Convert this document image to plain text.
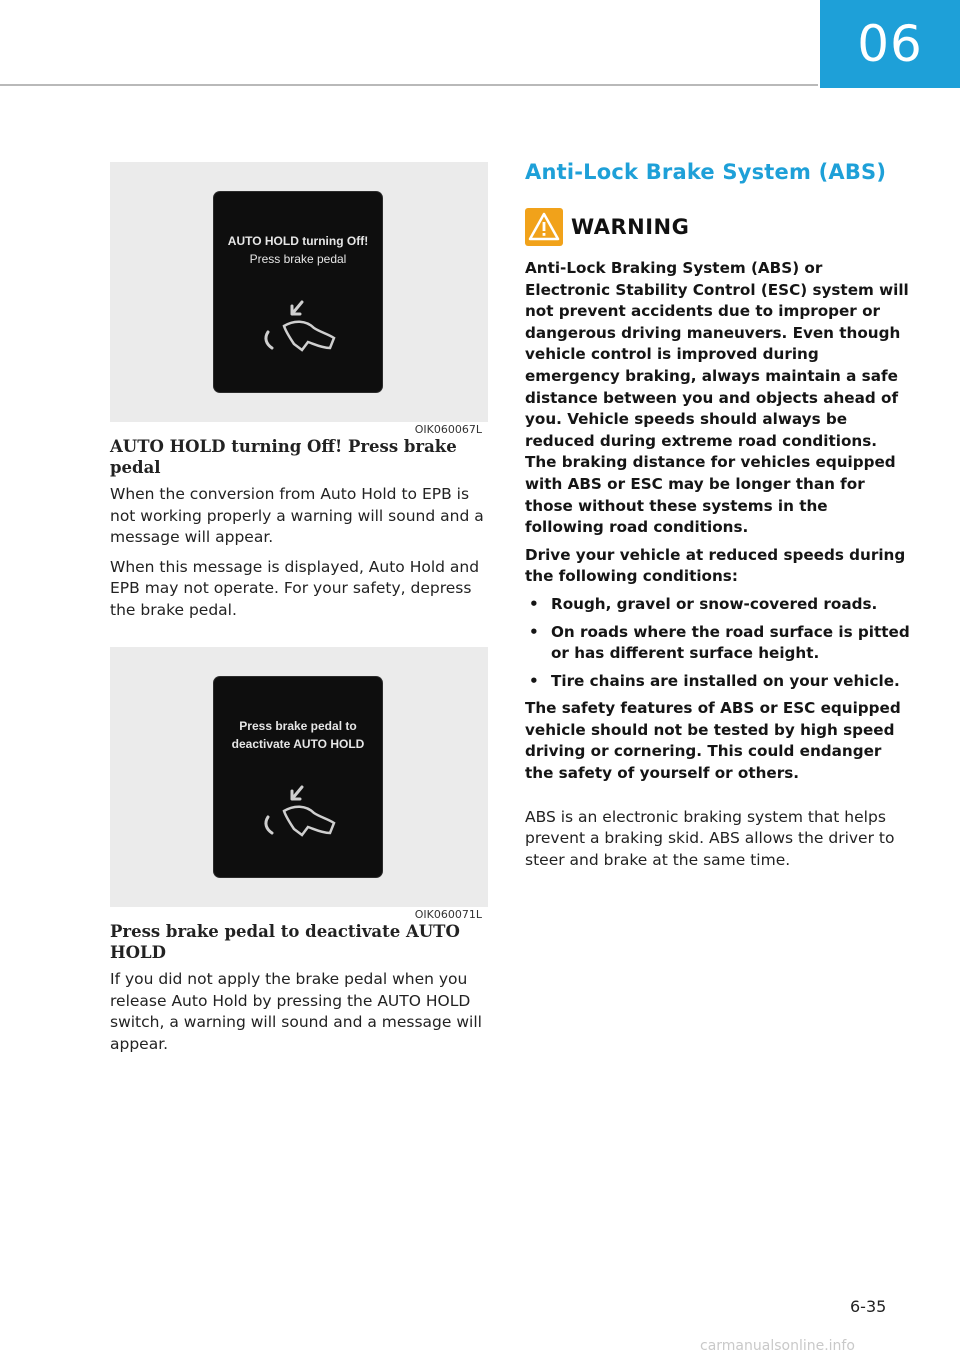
06
AUTO HOLD turning Off!
Press brake pedal
OIK060067L
AUTO HOLD turning Off! Press brake pedal

When the conversion from Auto Hold to EPB is not working properly a warning will sound and a message will appear.

When this message is displayed, Auto Hold and EPB may not operate. For your safety, depress the brake pedal.

Press brake pedal to
deactivate AUTO HOLD
OIK060071L
Press brake pedal to deactivate AUTO HOLD

If you did not apply the brake pedal when you release Auto Hold by pressing the AUTO HOLD switch, a warning will sound and a message will appear.

Anti-Lock Brake System (ABS)
WARNING

Anti-Lock Braking System (ABS) or Electronic Stability Control (ESC) system will not prevent accidents due to improper or dangerous driving maneuvers. Even though vehicle control is improved during emergency braking, always maintain a safe distance between you and objects ahead of you. Vehicle speeds should always be reduced during extreme road conditions. The braking distance for vehicles equipped with ABS or ESC may be longer than for those without these systems in the following road conditions.

Drive your vehicle at reduced speeds during the following conditions:

• Rough, gravel or snow-covered roads.
• On roads where the road surface is pitted or has different surface height.
• Tire chains are installed on your vehicle.

The safety features of ABS or ESC equipped vehicle should not be tested by high speed driving or cornering. This could endanger the safety of yourself or others.

ABS is an electronic braking system that helps prevent a braking skid. ABS allows the driver to steer and brake at the same time.

6-35
carmanualsonline.info
